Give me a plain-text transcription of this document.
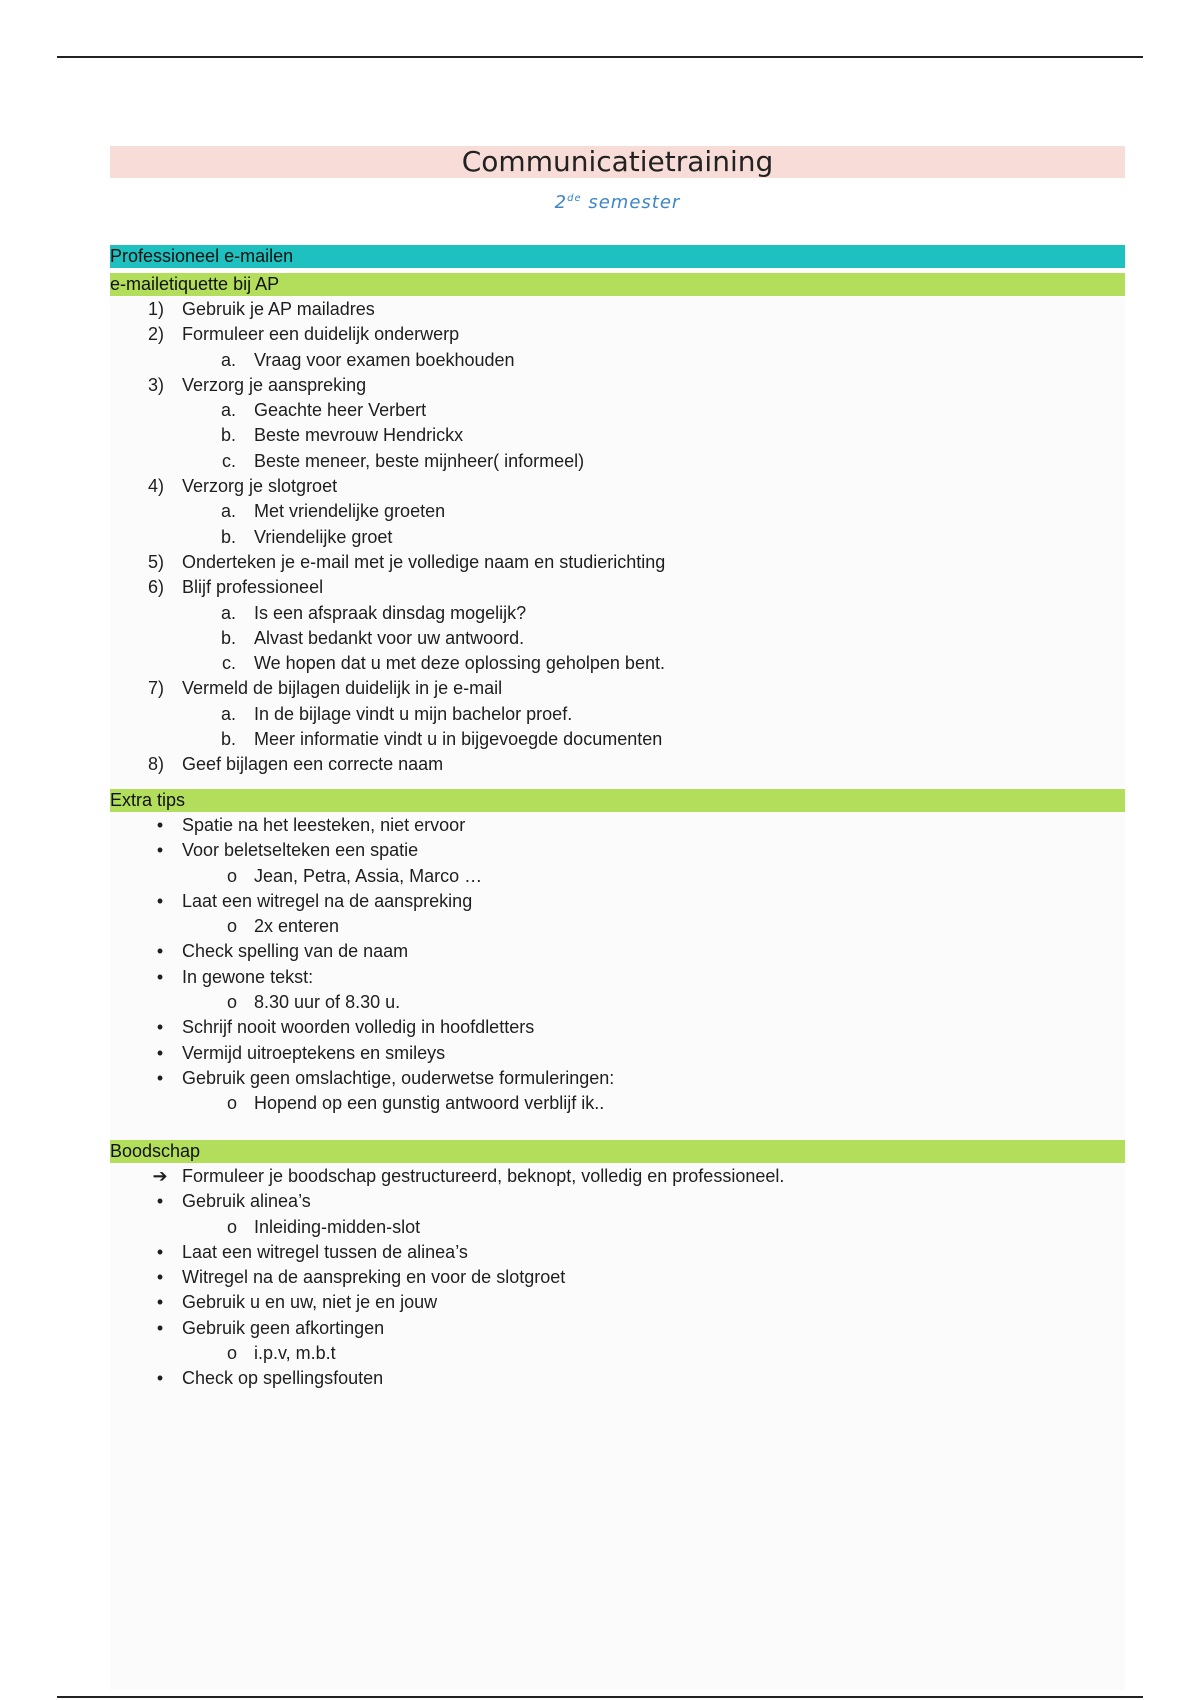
Communicatietraining
2de semester
Professioneel e-mailen
e-mailetiquette bij AP
1) Gebruik je AP mailadres
2) Formuleer een duidelijk onderwerp
a. Vraag voor examen boekhouden
3) Verzorg je aanspreking
a. Geachte heer Verbert
b. Beste mevrouw Hendrickx
c. Beste meneer, beste mijnheer( informeel)
4) Verzorg je slotgroet
a. Met vriendelijke groeten
b. Vriendelijke groet
5) Onderteken je e-mail met je volledige naam en studierichting
6) Blijf professioneel
a. Is een afspraak dinsdag mogelijk?
b. Alvast bedankt voor uw antwoord.
c. We hopen dat u met deze oplossing geholpen bent.
7) Vermeld de bijlagen duidelijk in je e-mail
a. In de bijlage vindt u mijn bachelor proef.
b. Meer informatie vindt u in bijgevoegde documenten
8) Geef bijlagen een correcte naam
Extra tips
•	Spatie na het leesteken, niet ervoor
•	Voor beletselteken een spatie
o Jean, Petra, Assia, Marco …
•	Laat een witregel na de aanspreking
o 2x enteren
•	Check spelling van de naam
•	In gewone tekst:
o 8.30 uur of 8.30 u.
•	Schrijf nooit woorden volledig in hoofdletters
•	Vermijd uitroeptekens en smileys
•	Gebruik geen omslachtige, ouderwetse formuleringen:
o Hopend op een gunstig antwoord verblijf ik..
Boodschap
➔ Formuleer je boodschap gestructureerd, beknopt, volledig en professioneel.
•	Gebruik alinea’s
o Inleiding-midden-slot
•	Laat een witregel tussen de alinea’s
•	Witregel na de aanspreking en voor de slotgroet
•	Gebruik u en uw, niet je en jouw
•	Gebruik geen afkortingen
o i.p.v, m.b.t
•	Check op spellingsfouten
